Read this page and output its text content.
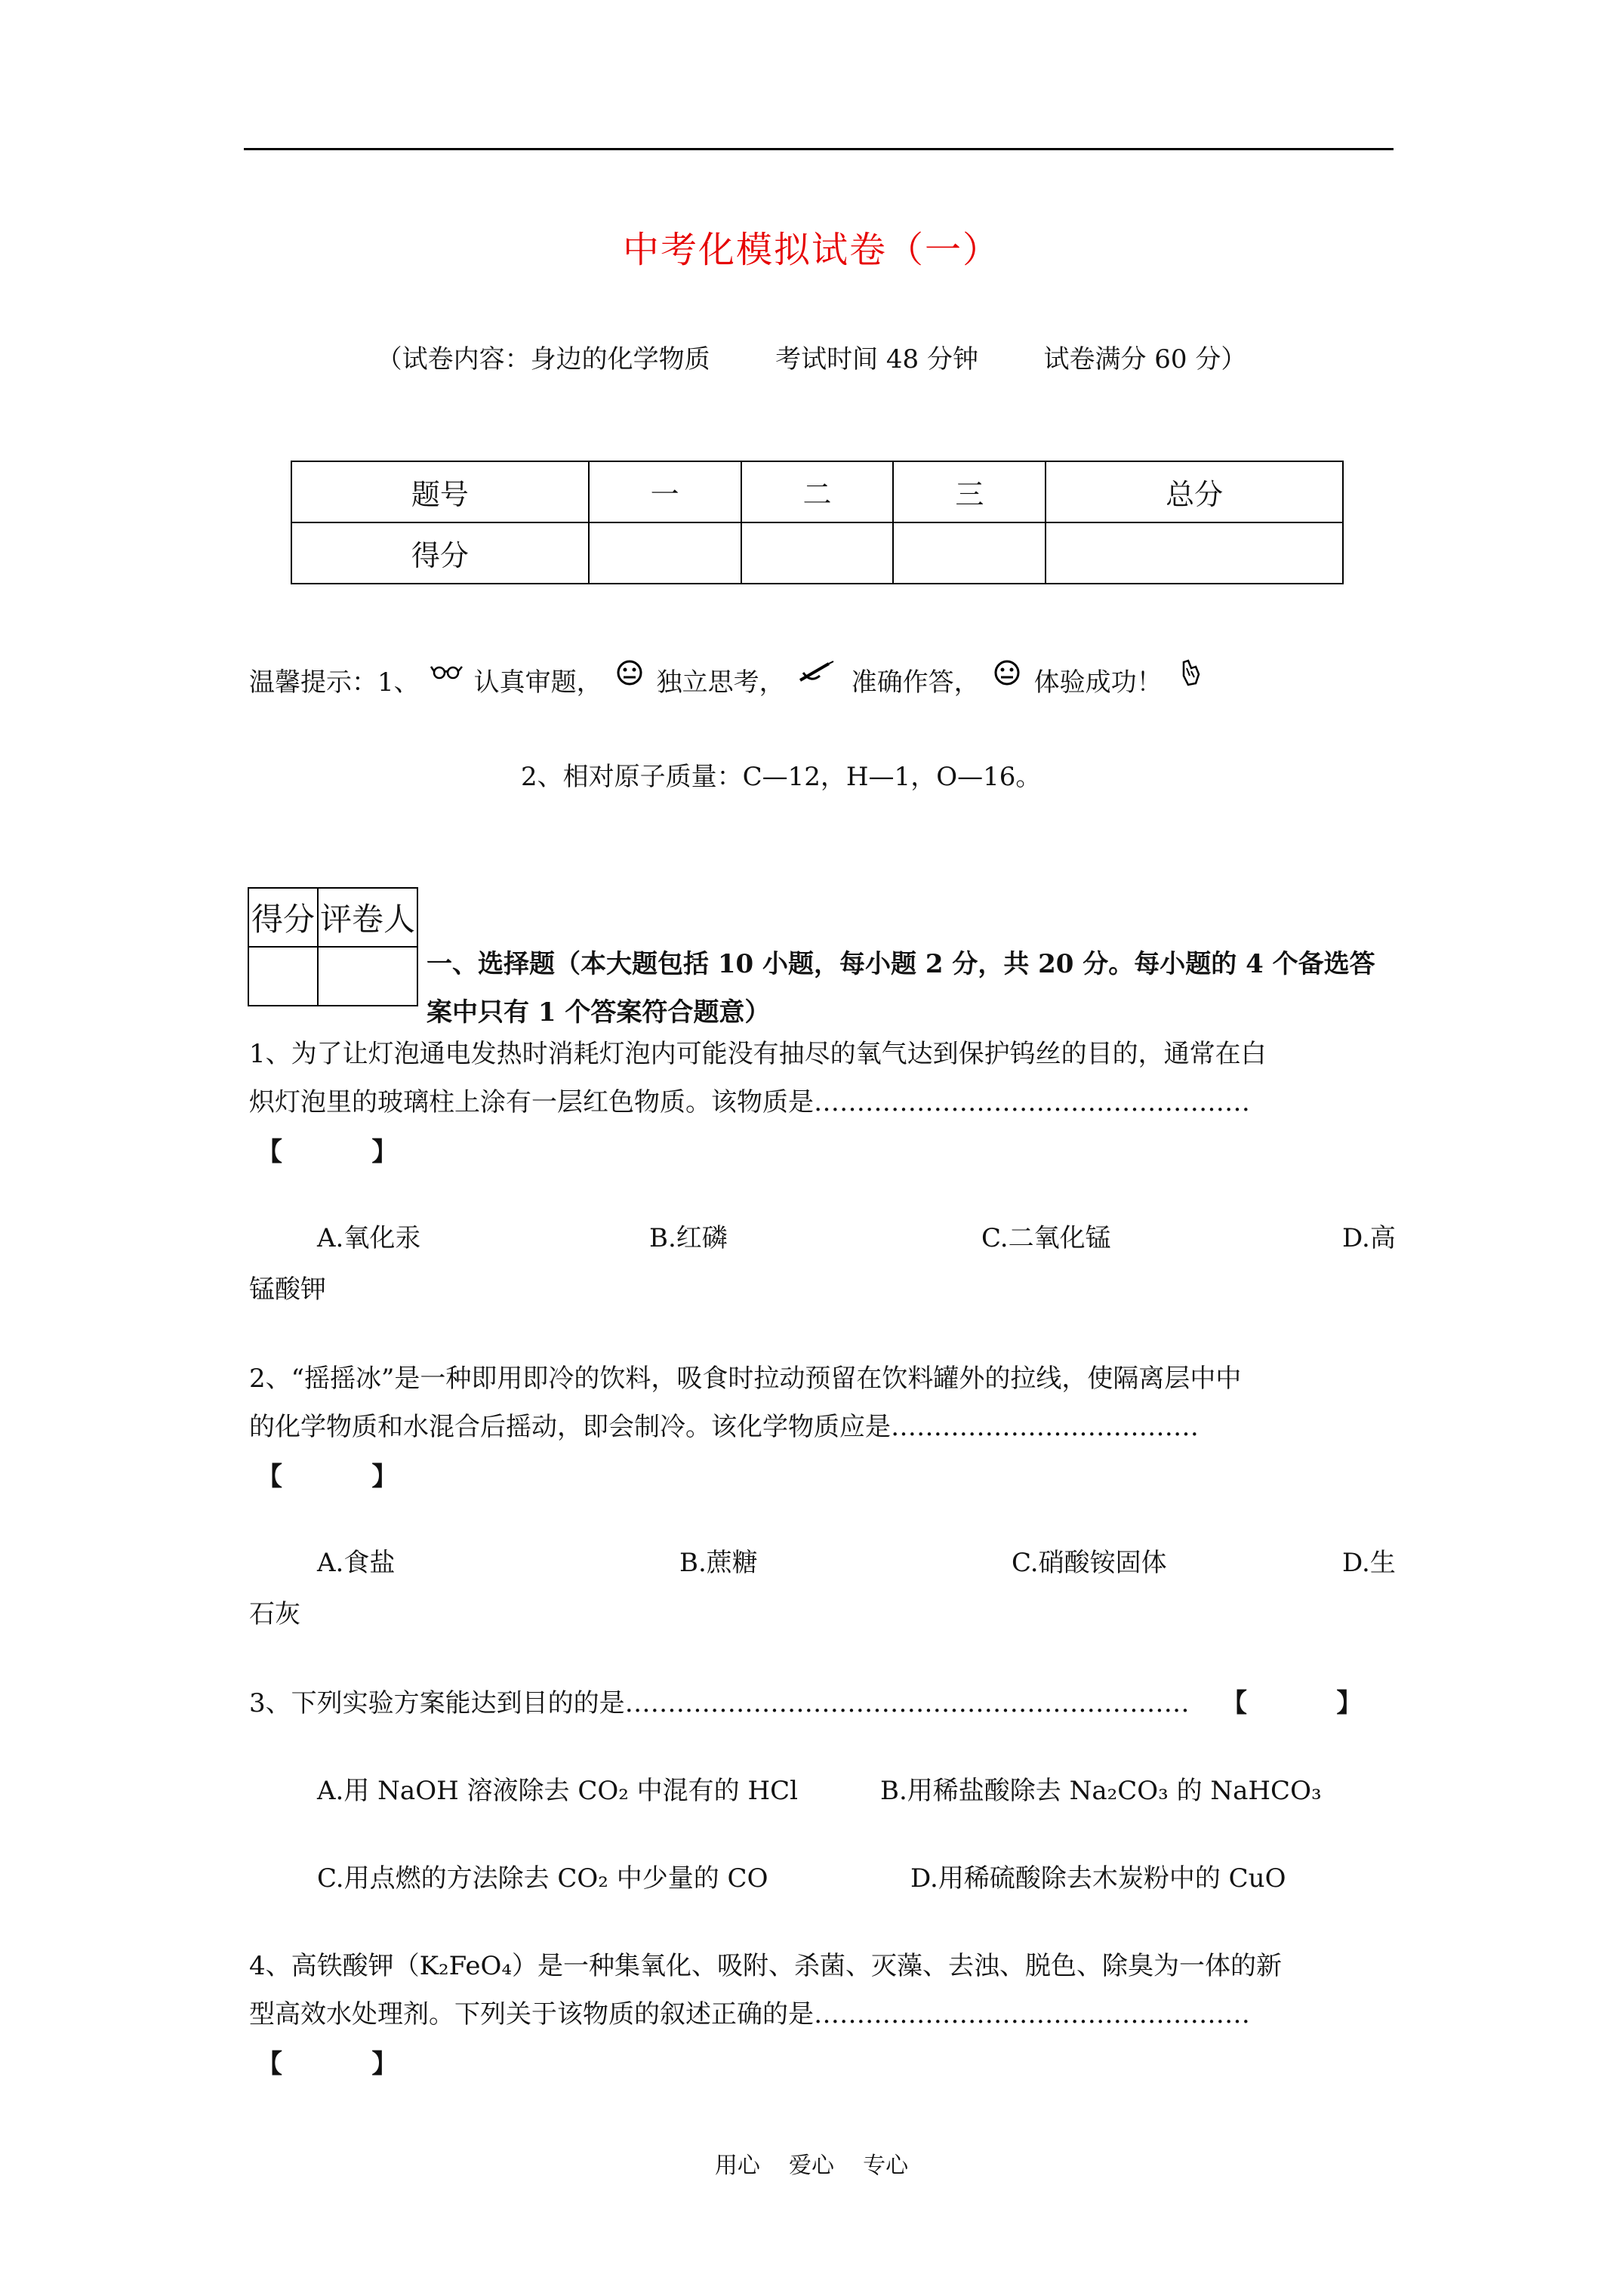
中考化模拟试卷（一）
（试卷内容：身边的化学物质        考试时间 48 分钟        试卷满分 60 分）
题号	一	二	三	总分
得分				
温馨提示：1、 认真审题， 独立思考，	准确作答， 体验成功！
2、相对原子质量：C—12，H—1，O—16。
得分	评卷人

一、选择题（本大题包括 10 小题，每小题 2 分，共 20 分。每小题的 4 个备选答案中只有 1 个答案符合题意）
1、为了让灯泡通电发热时消耗灯泡内可能没有抽尽的氧气达到保护钨丝的目的，通常在白
炽灯泡里的玻璃柱上涂有一层红色物质。该物质是……………………………………………
【          】
A.氧化汞	B.红磷	C.二氧化锰	D.高
锰酸钾
2、“摇摇冰”是一种即用即冷的饮料，吸食时拉动预留在饮料罐外的拉线，使隔离层中中
的化学物质和水混合后摇动，即会制冷。该化学物质应是………………………………
【          】
A.食盐	B.蔗糖	C.硝酸铵固体	D.生
石灰
3、下列实验方案能达到目的的是………………………………………………………… 【          】
A.用 NaOH 溶液除去 CO₂ 中混有的 HCl	B.用稀盐酸除去 Na₂CO₃ 的 NaHCO₃
C.用点燃的方法除去 CO₂ 中少量的 CO	D.用稀硫酸除去木炭粉中的 CuO
4、高铁酸钾（K₂FeO₄）是一种集氧化、吸附、杀菌、灭藻、去浊、脱色、除臭为一体的新
型高效水处理剂。下列关于该物质的叙述正确的是……………………………………………
【          】
用心    爱心    专心
